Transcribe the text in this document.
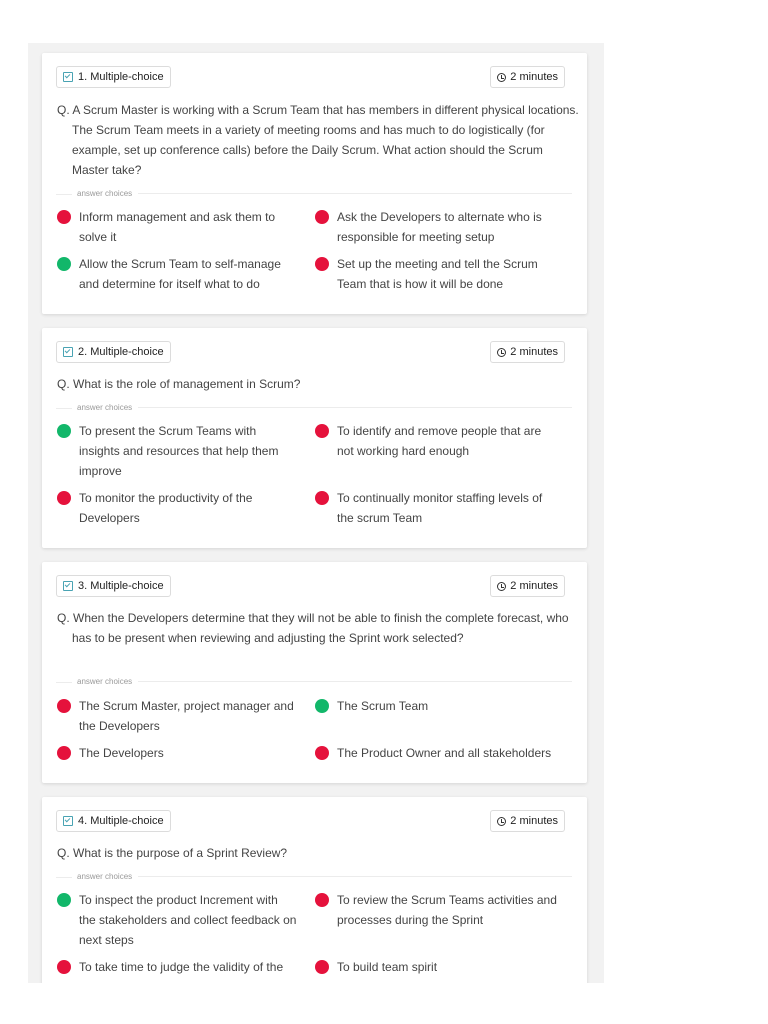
1. Multiple-choice	2 minutes
Q. A Scrum Master is working with a Scrum Team that has members in different physical locations. The Scrum Team meets in a variety of meeting rooms and has much to do logistically (for example, set up conference calls) before the Daily Scrum. What action should the Scrum Master take?
answer choices
Inform management and ask them to solve it
Ask the Developers to alternate who is responsible for meeting setup
Allow the Scrum Team to self-manage and determine for itself what to do
Set up the meeting and tell the Scrum Team that is how it will be done
2. Multiple-choice	2 minutes
Q. What is the role of management in Scrum?
answer choices
To present the Scrum Teams with insights and resources that help them improve
To identify and remove people that are not working hard enough
To monitor the productivity of the Developers
To continually monitor staffing levels of the scrum Team
3. Multiple-choice	2 minutes
Q. When the Developers determine that they will not be able to finish the complete forecast, who has to be present when reviewing and adjusting the Sprint work selected?
answer choices
The Scrum Master, project manager and the Developers
The Scrum Team
The Developers	The Product Owner and all stakeholders
4. Multiple-choice	2 minutes
Q. What is the purpose of a Sprint Review?
answer choices
To inspect the product Increment with the stakeholders and collect feedback on next steps
To review the Scrum Teams activities and processes during the Sprint
To take time to judge the validity of the	To build team spirit
